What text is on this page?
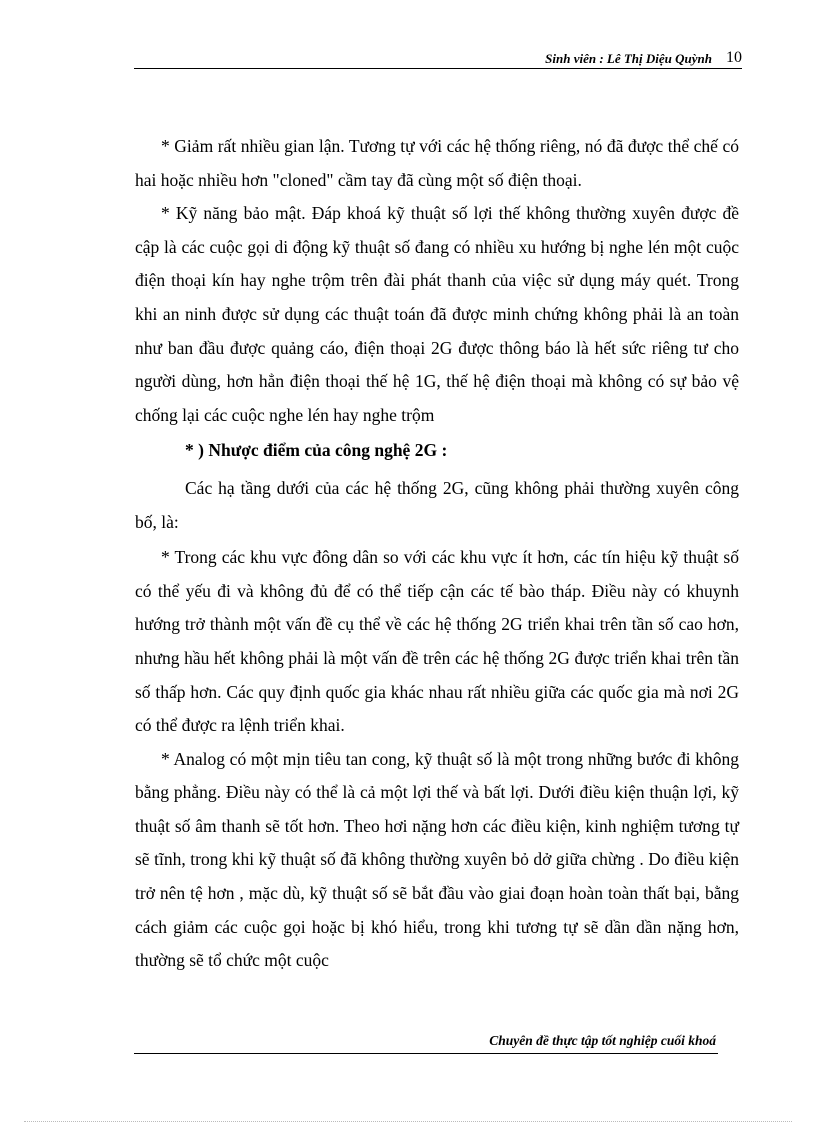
Sinh viên : Lê Thị Diệu Quỳnh 10

* Giảm rất nhiều gian lận. Tương tự với các hệ thống riêng, nó đã được thể chế có hai hoặc nhiều hơn "cloned" cầm tay đã cùng một số điện thoại.

* Kỹ năng bảo mật. Đáp khoá kỹ thuật số lợi thế không thường xuyên được đề cập là các cuộc gọi di động kỹ thuật số đang có nhiều xu hướng bị nghe lén một cuộc điện thoại kín hay nghe trộm trên đài phát thanh của việc sử dụng máy quét. Trong khi an ninh được sử dụng các thuật toán đã được minh chứng không phải là an toàn như ban đầu được quảng cáo, điện thoại 2G được thông báo là hết sức riêng tư cho người dùng, hơn hẳn điện thoại thế hệ 1G, thế hệ điện thoại mà không có sự bảo vệ chống lại các cuộc nghe lén hay nghe trộm

* ) Nhược điểm của công nghệ 2G :

Các hạ tầng dưới của các hệ thống 2G, cũng không phải thường xuyên công bố, là:

* Trong các khu vực đông dân so với các khu vực ít hơn, các tín hiệu kỹ thuật số có thể yếu đi và không đủ để có thể tiếp cận các tế bào tháp. Điều này có khuynh hướng trở thành một vấn đề cụ thể về các hệ thống 2G triển khai trên tần số cao hơn, nhưng hầu hết không phải là một vấn đề trên các hệ thống 2G được triển khai trên tần số thấp hơn. Các quy định quốc gia khác nhau rất nhiều giữa các quốc gia mà nơi 2G có thể được ra lệnh triển khai.

* Analog có một mịn tiêu tan cong, kỹ thuật số là một trong những bước đi không bằng phẳng. Điều này có thể là cả một lợi thế và bất lợi. Dưới điều kiện thuận lợi, kỹ thuật số âm thanh sẽ tốt hơn. Theo hơi nặng hơn các điều kiện, kinh nghiệm tương tự sẽ tĩnh, trong khi kỹ thuật số đã không thường xuyên bỏ dở giữa chừng . Do điều kiện trở nên tệ hơn , mặc dù, kỹ thuật số sẽ bắt đầu vào giai đoạn hoàn toàn thất bại, bằng cách giảm các cuộc gọi hoặc bị khó hiểu, trong khi tương tự sẽ dần dần nặng hơn, thường sẽ tổ chức một cuộc

Chuyên đề thực tập tốt nghiệp cuối khoá
